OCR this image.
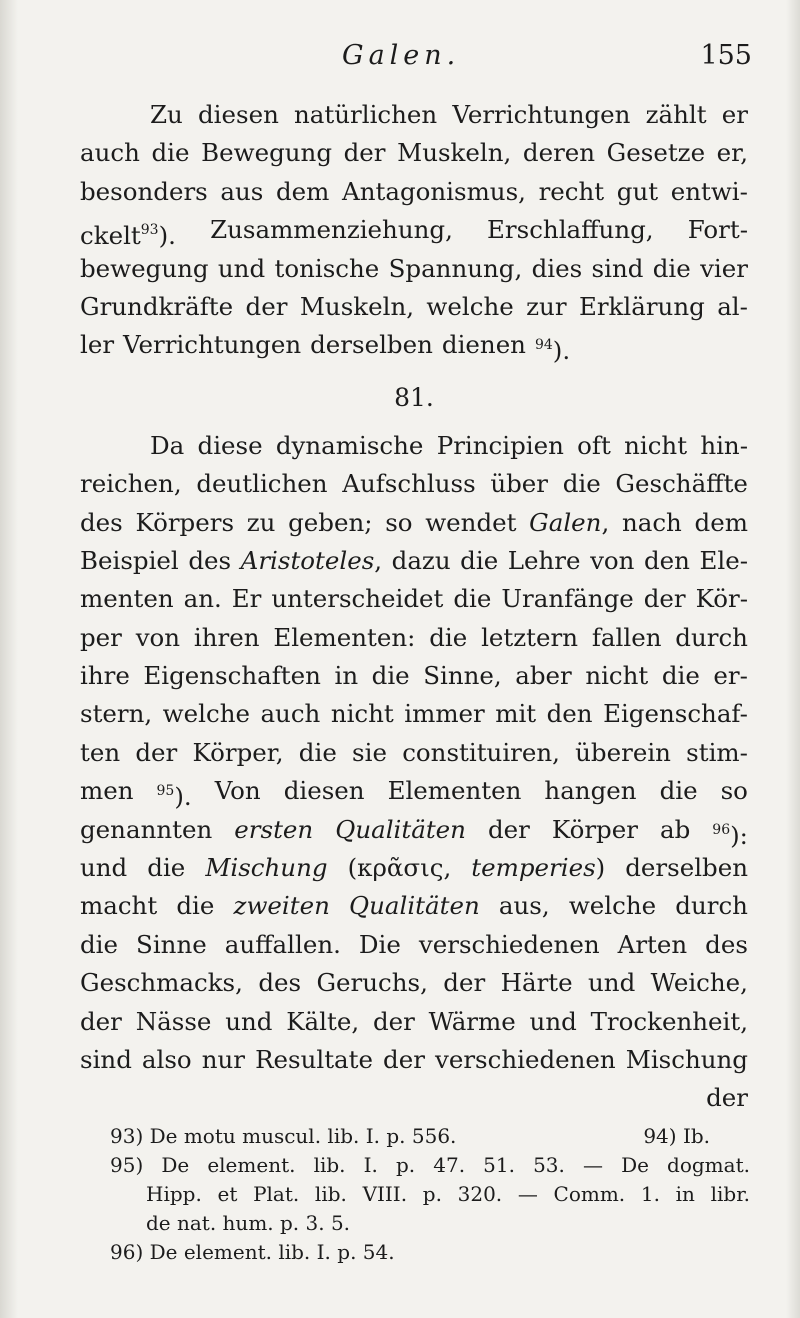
Galen.	155
Zu diesen natürlichen Verrichtungen zählt er
auch die Bewegung der Muskeln, deren Gesetze er,
besonders aus dem Antagonismus, recht gut entwi-
ckelt93). Zusammenziehung, Erschlaffung, Fort-
bewegung und tonische Spannung, dies sind die vier
Grundkräfte der Muskeln, welche zur Erklärung al-
ler Verrichtungen derselben dienen 94).
81.
Da diese dynamische Principien oft nicht hin-
reichen, deutlichen Aufschluss über die Geschäffte
des Körpers zu geben; so wendet Galen, nach dem
Beispiel des Aristoteles, dazu die Lehre von den Ele-
menten an. Er unterscheidet die Uranfänge der Kör-
per von ihren Elementen: die letztern fallen durch
ihre Eigenschaften in die Sinne, aber nicht die er-
stern, welche auch nicht immer mit den Eigenschaf-
ten der Körper, die sie constituiren, überein stim-
men 95). Von diesen Elementen hangen die so
genannten ersten Qualitäten der Körper ab 96):
und die Mischung (κρᾶσις, temperies) derselben
macht die zweiten Qualitäten aus, welche durch
die Sinne auffallen. Die verschiedenen Arten des
Geschmacks, des Geruchs, der Härte und Weiche,
der Nässe und Kälte, der Wärme und Trockenheit,
sind also nur Resultate der verschiedenen Mischung
der
93) De motu muscul. lib. I. p. 556.	94) Ib.
95) De element. lib. I. p. 47. 51. 53. — De dogmat.
Hipp. et Plat. lib. VIII. p. 320. — Comm. 1. in libr.
de nat. hum. p. 3. 5.
96) De element. lib. I. p. 54.
